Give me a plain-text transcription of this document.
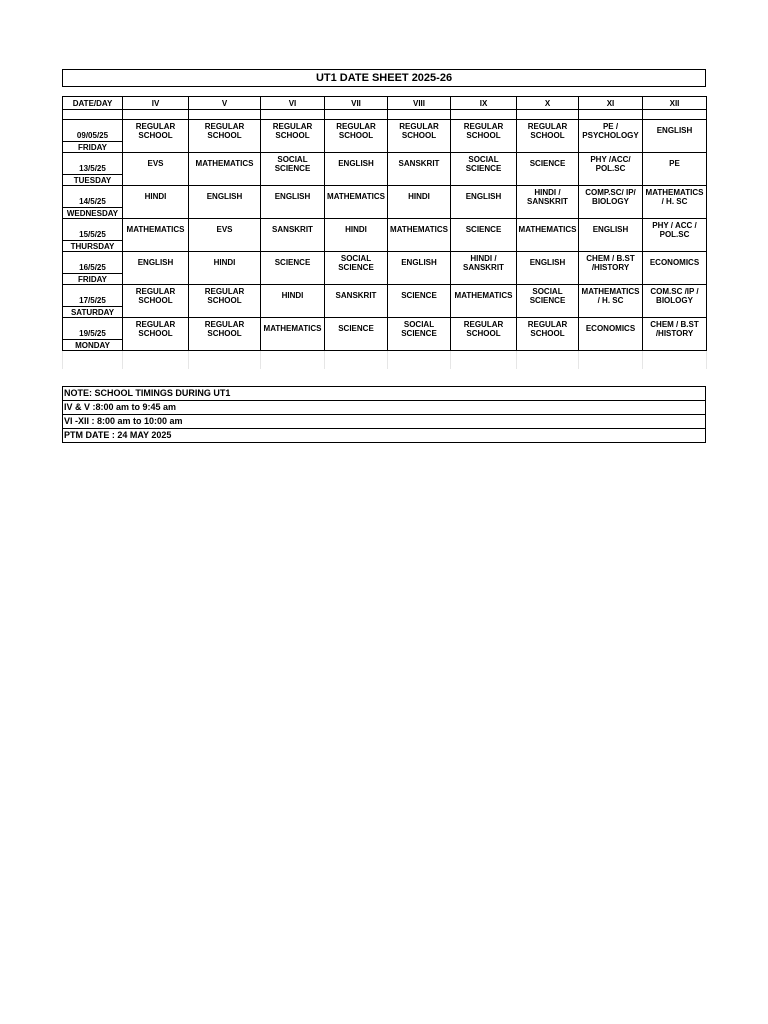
UT1 DATE SHEET 2025-26
DATE/DAY	IV	V	VI	VII	VIII	IX	X	XI	XII

09/05/25	REGULAR
SCHOOL	REGULAR
SCHOOL	REGULAR
SCHOOL	REGULAR
SCHOOL	REGULAR
SCHOOL	REGULAR
SCHOOL	REGULAR
SCHOOL	PE /
PSYCHOLOGY	ENGLISH
FRIDAY									
13/5/25	EVS	MATHEMATICS	SOCIAL
SCIENCE	ENGLISH	SANSKRIT	SOCIAL
SCIENCE	SCIENCE	PHY /ACC/
POL.SC	PE
TUESDAY									
14/5/25	HINDI	ENGLISH	ENGLISH	MATHEMATICS	HINDI	ENGLISH	HINDI /
SANSKRIT	COMP.SC/ IP/
BIOLOGY	MATHEMATICS
/ H. SC
WEDNESDAY									
15/5/25	MATHEMATICS	EVS	SANSKRIT	HINDI	MATHEMATICS	SCIENCE	MATHEMATICS	ENGLISH	PHY / ACC /
POL.SC
THURSDAY									
16/5/25	ENGLISH	HINDI	SCIENCE	SOCIAL
SCIENCE	ENGLISH	HINDI /
SANSKRIT	ENGLISH	CHEM / B.ST
/HISTORY	ECONOMICS
FRIDAY									
17/5/25	REGULAR
SCHOOL	REGULAR
SCHOOL	HINDI	SANSKRIT	SCIENCE	MATHEMATICS	SOCIAL
SCIENCE	MATHEMATICS
/ H. SC	COM.SC /IP /
BIOLOGY
SATURDAY									
19/5/25	REGULAR
SCHOOL	REGULAR
SCHOOL	MATHEMATICS	SCIENCE	SOCIAL
SCIENCE	REGULAR
SCHOOL	REGULAR
SCHOOL	ECONOMICS	CHEM / B.ST
/HISTORY
MONDAY									

NOTE: SCHOOL TIMINGS DURING UT1
IV & V :8:00 am to 9:45 am
VI -XII : 8:00 am to 10:00 am
PTM DATE : 24 MAY 2025
